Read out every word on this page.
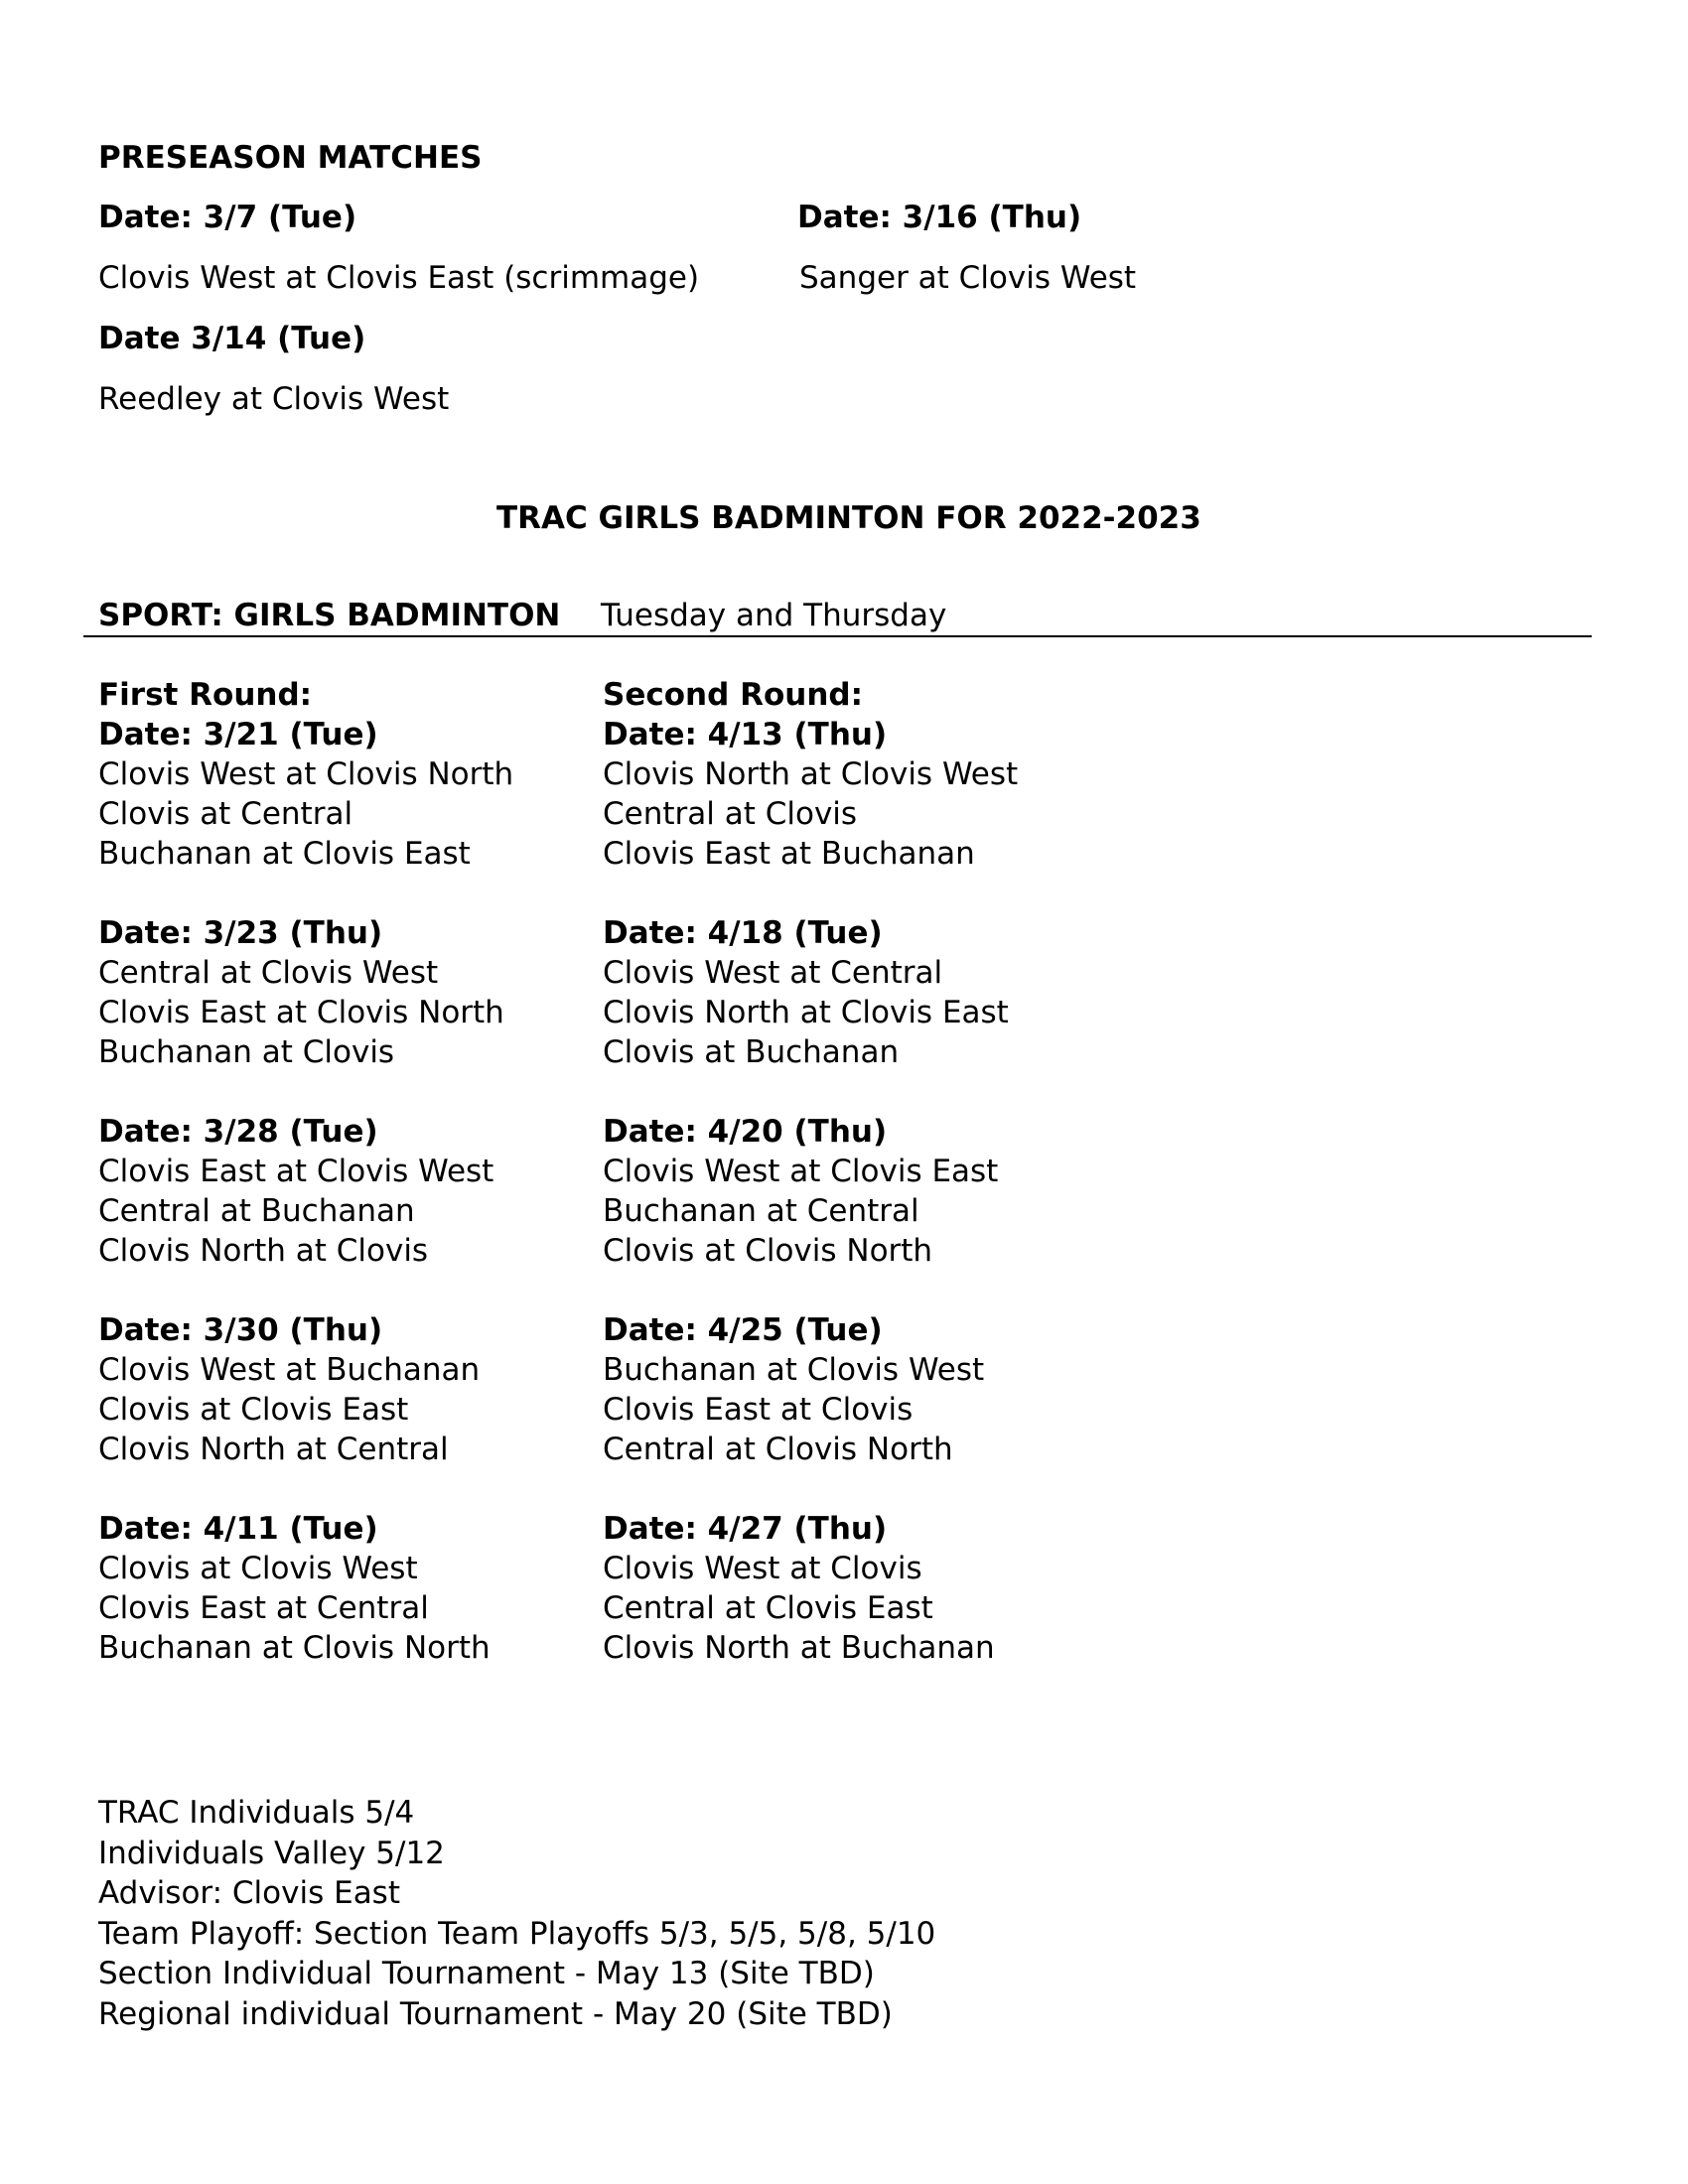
PRESEASON MATCHES
Date: 3/7 (Tue)
Clovis West at Clovis East (scrimmage)
Date 3/14 (Tue)
Reedley at Clovis West
Date: 3/16 (Thu)
Sanger at Clovis West
TRAC GIRLS BADMINTON FOR 2022-2023
SPORT: GIRLS BADMINTON Tuesday and Thursday
First Round:
Date: 3/21 (Tue)
Clovis West at Clovis North
Clovis at Central
Buchanan at Clovis East
Date: 3/23 (Thu)
Central at Clovis West
Clovis East at Clovis North
Buchanan at Clovis
Date: 3/28 (Tue)
Clovis East at Clovis West
Central at Buchanan
Clovis North at Clovis
Date: 3/30 (Thu)
Clovis West at Buchanan
Clovis at Clovis East
Clovis North at Central
Date: 4/11 (Tue)
Clovis at Clovis West
Clovis East at Central
Buchanan at Clovis North
Second Round:
Date: 4/13 (Thu)
Clovis North at Clovis West
Central at Clovis
Clovis East at Buchanan
Date: 4/18 (Tue)
Clovis West at Central
Clovis North at Clovis East
Clovis at Buchanan
Date: 4/20 (Thu)
Clovis West at Clovis East
Buchanan at Central
Clovis at Clovis North
Date: 4/25 (Tue)
Buchanan at Clovis West
Clovis East at Clovis
Central at Clovis North
Date: 4/27 (Thu)
Clovis West at Clovis
Central at Clovis East
Clovis North at Buchanan
TRAC Individuals 5/4
Individuals Valley 5/12
Advisor: Clovis East
Team Playoff: Section Team Playoffs 5/3, 5/5, 5/8, 5/10
Section Individual Tournament - May 13 (Site TBD)
Regional individual Tournament - May 20 (Site TBD)
